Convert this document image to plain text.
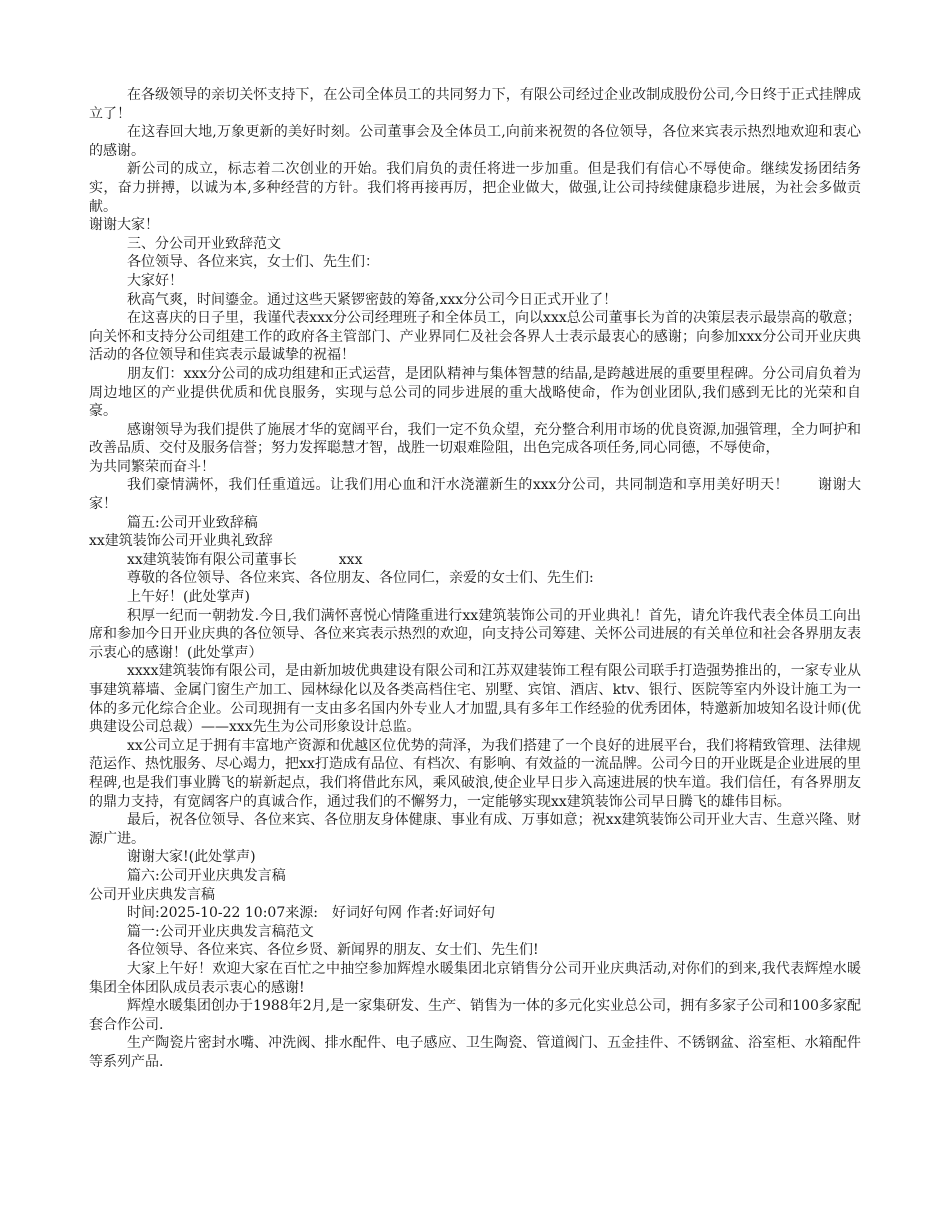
在各级领导的亲切关怀支持下，在公司全体员工的共同努力下，有限公司经过企业改制成股份公司,今日终于正式挂牌成立了！

在这春回大地,万象更新的美好时刻。公司董事会及全体员工,向前来祝贺的各位领导，各位来宾表示热烈地欢迎和衷心的感谢。

新公司的成立，标志着二次创业的开始。我们肩负的责任将进一步加重。但是我们有信心不辱使命。继续发扬团结务实，奋力拼搏，以诚为本,多种经营的方针。我们将再接再厉，把企业做大，做强,让公司持续健康稳步进展，为社会多做贡献。

谢谢大家！

三、分公司开业致辞范文

各位领导、各位来宾，女士们、先生们：

大家好！

秋高气爽，时间鎏金。通过这些天紧锣密鼓的筹备,xxx分公司今日正式开业了！

在这喜庆的日子里，我谨代表xxx分公司经理班子和全体员工，向以xxx总公司董事长为首的决策层表示最崇高的敬意；向关怀和支持分公司组建工作的政府各主管部门、产业界同仁及社会各界人士表示最衷心的感谢；向参加xxx分公司开业庆典活动的各位领导和佳宾表示最诚挚的祝福！

朋友们：xxx分公司的成功组建和正式运营，是团队精神与集体智慧的结晶,是跨越进展的重要里程碑。分公司肩负着为周边地区的产业提供优质和优良服务，实现与总公司的同步进展的重大战略使命，作为创业团队,我们感到无比的光荣和自豪。

感谢领导为我们提供了施展才华的宽阔平台，我们一定不负众望，充分整合利用市场的优良资源,加强管理，全力呵护和改善品质、交付及服务信誉；努力发挥聪慧才智，战胜一切艰难险阻，出色完成各项任务,同心同德，不辱使命，

为共同繁荣而奋斗！

我们豪情满怀，我们任重道远。让我们用心血和汗水浇灌新生的xxx分公司，共同制造和享用美好明天！　　谢谢大家！

篇五:公司开业致辞稿

xx建筑装饰公司开业典礼致辞

xx建筑装饰有限公司董事长　　　xxx

尊敬的各位领导、各位来宾、各位朋友、各位同仁，亲爱的女士们、先生们:

上午好！(此处掌声)

积厚一纪而一朝勃发.今日,我们满怀喜悦心情隆重进行xx建筑装饰公司的开业典礼！首先，请允许我代表全体员工向出席和参加今日开业庆典的各位领导、各位来宾表示热烈的欢迎，向支持公司筹建、关怀公司进展的有关单位和社会各界朋友表示衷心的感谢！(此处掌声）

xxxx建筑装饰有限公司，是由新加坡优典建设有限公司和江苏双建装饰工程有限公司联手打造强势推出的，一家专业从事建筑幕墙、金属门窗生产加工、园林绿化以及各类高档住宅、别墅、宾馆、酒店、ktv、银行、医院等室内外设计施工为一体的多元化综合企业。公司现拥有一支由多名国内外专业人才加盟,具有多年工作经验的优秀团体，特邀新加坡知名设计师(优典建设公司总裁）——xxx先生为公司形象设计总监。

xx公司立足于拥有丰富地产资源和优越区位优势的菏泽，为我们搭建了一个良好的进展平台，我们将精致管理、法律规范运作、热忱服务、尽心竭力，把xx打造成有品位、有档次、有影响、有效益的一流品牌。公司今日的开业既是企业进展的里程碑,也是我们事业腾飞的崭新起点，我们将借此东风，乘风破浪,使企业早日步入高速进展的快车道。我们信任，有各界朋友的鼎力支持，有宽阔客户的真诚合作，通过我们的不懈努力，一定能够实现xx建筑装饰公司早日腾飞的雄伟目标。

最后，祝各位领导、各位来宾、各位朋友身体健康、事业有成、万事如意；祝xx建筑装饰公司开业大吉、生意兴隆、财源广进。

谢谢大家!(此处掌声)

篇六:公司开业庆典发言稿

公司开业庆典发言稿

时间:2025-10-22 10:07来源:　好词好句网 作者:好词好句

篇一:公司开业庆典发言稿范文

各位领导、各位来宾、各位乡贤、新闻界的朋友、女士们、先生们!

大家上午好！欢迎大家在百忙之中抽空参加辉煌水暖集团北京销售分公司开业庆典活动,对你们的到来,我代表辉煌水暖集团全体团队成员表示衷心的感谢!

辉煌水暖集团创办于1988年2月,是一家集研发、生产、销售为一体的多元化实业总公司，拥有多家子公司和100多家配套合作公司.

生产陶瓷片密封水嘴、冲洗阀、排水配件、电子感应、卫生陶瓷、管道阀门、五金挂件、不锈钢盆、浴室柜、水箱配件等系列产品.
